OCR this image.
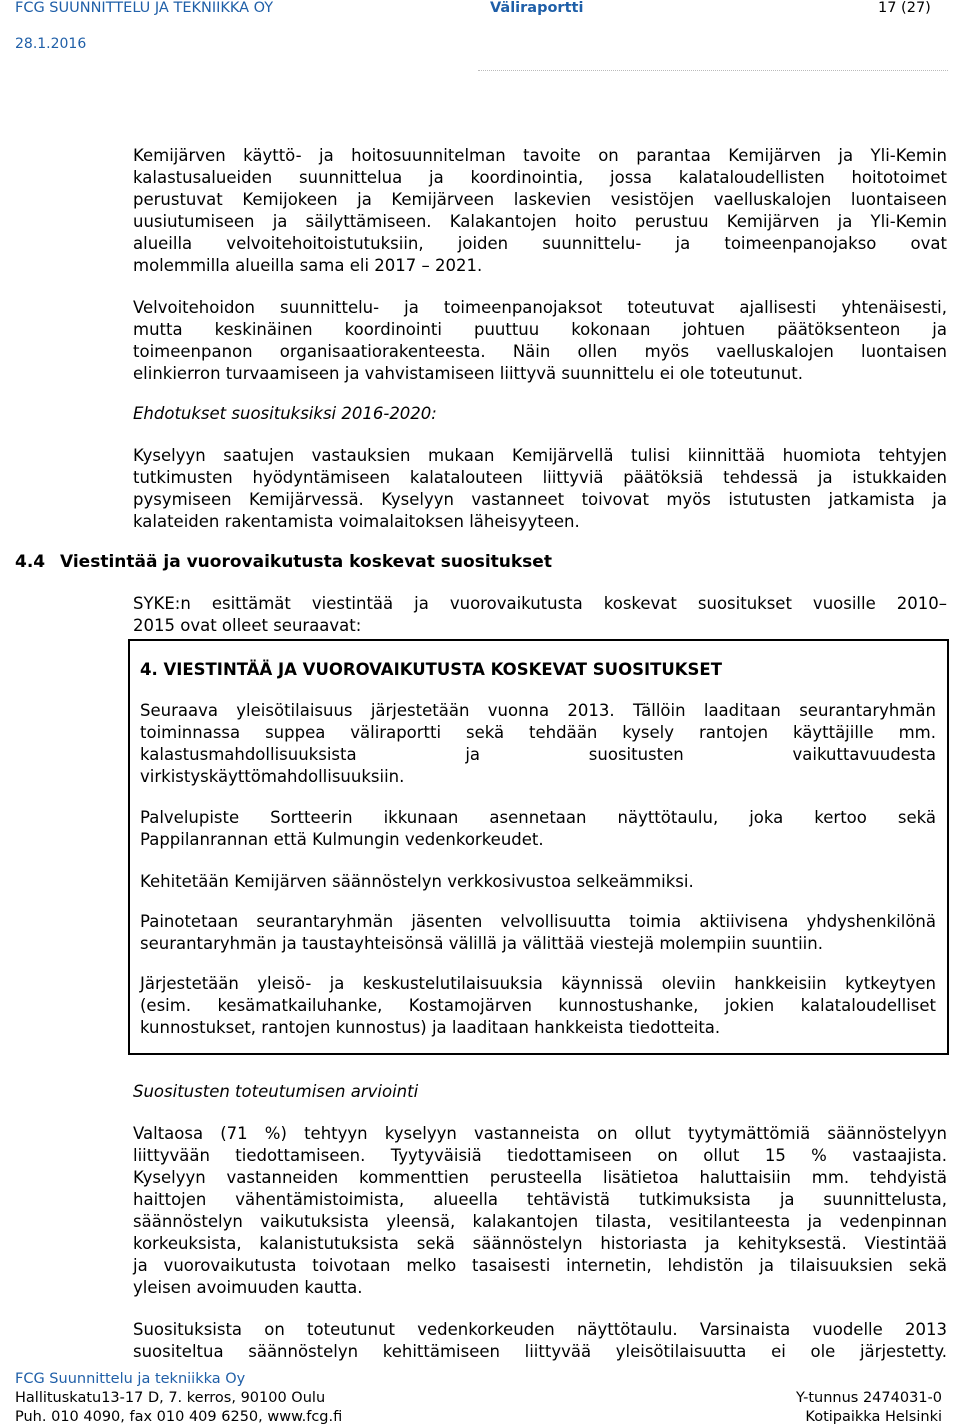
FCG SUUNNITTELU JA TEKNIIKKA OY	Väliraportti	17 (27)
28.1.2016

Kemijärven käyttö- ja hoitosuunnitelman tavoite on parantaa Kemijärven ja Yli-Kemin

kalastusalueiden suunnittelua ja koordinointia, jossa kalataloudellisten hoitotoimet

perustuvat Kemijokeen ja Kemijärveen laskevien vesistöjen vaelluskalojen luontaiseen

uusiutumiseen ja säilyttämiseen. Kalakantojen hoito perustuu Kemijärven ja Yli-Kemin

alueilla velvoitehoitoistutuksiin, joiden suunnittelu- ja toimeenpanojakso ovat

molemmilla alueilla sama eli 2017 – 2021.

Velvoitehoidon suunnittelu- ja toimeenpanojaksot toteutuvat ajallisesti yhtenäisesti,

mutta keskinäinen koordinointi puuttuu kokonaan johtuen päätöksenteon ja

toimeenpanon organisaatiorakenteesta. Näin ollen myös vaelluskalojen luontaisen

elinkierron turvaamiseen ja vahvistamiseen liittyvä suunnittelu ei ole toteutunut.

Ehdotukset suosituksiksi 2016-2020:

Kyselyyn saatujen vastauksien mukaan Kemijärvellä tulisi kiinnittää huomiota tehtyjen

tutkimusten hyödyntämiseen kalatalouteen liittyviä päätöksiä tehdessä ja istukkaiden

pysymiseen Kemijärvessä. Kyselyyn vastanneet toivovat myös istutusten jatkamista ja

kalateiden rakentamista voimalaitoksen läheisyyteen.

4.4 Viestintää ja vuorovaikutusta koskevat suositukset

SYKE:n esittämät viestintää ja vuorovaikutusta koskevat suositukset vuosille 2010–

2015 ovat olleet seuraavat:

4. VIESTINTÄÄ JA VUOROVAIKUTUSTA KOSKEVAT SUOSITUKSET

Seuraava yleisötilaisuus järjestetään vuonna 2013. Tällöin laaditaan seurantaryhmän

toiminnassa suppea väliraportti sekä tehdään kysely rantojen käyttäjille mm.

kalastusmahdollisuuksista ja suositusten vaikuttavuudesta

virkistyskäyttömahdollisuuksiin.

Palvelupiste Sortteerin ikkunaan asennetaan näyttötaulu, joka kertoo sekä

Pappilanrannan että Kulmungin vedenkorkeudet.

Kehitetään Kemijärven säännöstelyn verkkosivustoa selkeämmiksi.

Painotetaan seurantaryhmän jäsenten velvollisuutta toimia aktiivisena yhdyshenkilönä

seurantaryhmän ja taustayhteisönsä välillä ja välittää viestejä molempiin suuntiin.

Järjestetään yleisö- ja keskustelutilaisuuksia käynnissä oleviin hankkeisiin kytkeytyen

(esim. kesämatkailuhanke, Kostamojärven kunnostushanke, jokien kalataloudelliset

kunnostukset, rantojen kunnostus) ja laaditaan hankkeista tiedotteita.

Suositusten toteutumisen arviointi

Valtaosa (71 %) tehtyyn kyselyyn vastanneista on ollut tyytymättömiä säännöstelyyn

liittyvään tiedottamiseen. Tyytyväisiä tiedottamiseen on ollut 15 % vastaajista.

Kyselyyn vastanneiden kommenttien perusteella lisätietoa haluttaisiin mm. tehdyistä

haittojen vähentämistoimista, alueella tehtävistä tutkimuksista ja suunnittelusta,

säännöstelyn vaikutuksista yleensä, kalakantojen tilasta, vesitilanteesta ja vedenpinnan

korkeuksista, kalanistutuksista sekä säännöstelyn historiasta ja kehityksestä. Viestintää

ja vuorovaikutusta toivotaan melko tasaisesti internetin, lehdistön ja tilaisuuksien sekä

yleisen avoimuuden kautta.

Suosituksista on toteutunut vedenkorkeuden näyttötaulu. Varsinaista vuodelle 2013

suositeltua säännöstelyn kehittämiseen liittyvää yleisötilaisuutta ei ole järjestetty.

FCG Suunnittelu ja tekniikka Oy
Hallituskatu13-17 D, 7. kerros, 90100 Oulu	Y-tunnus 2474031-0
Puh. 010 4090, fax 010 409 6250, www.fcg.fi	Kotipaikka Helsinki
